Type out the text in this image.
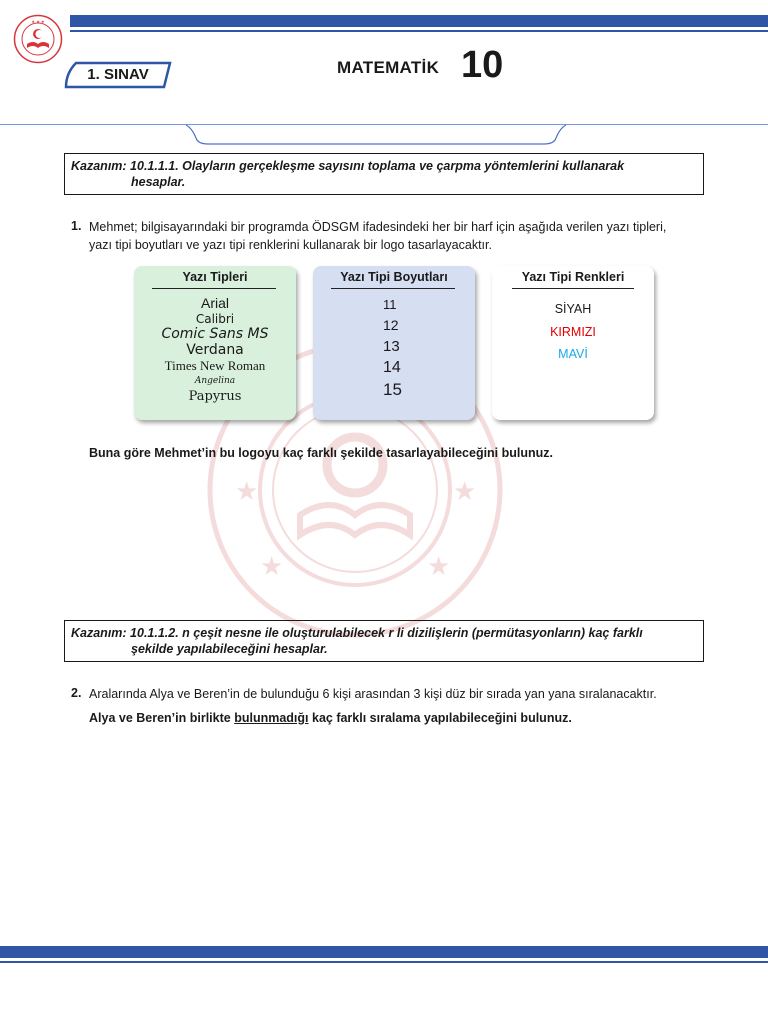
★ ★ ★
1. SINAV	MATEMATİK 10
★	★
★	★
Kazanım: 10.1.1.1. Olayların gerçekleşme sayısını toplama ve çarpma yöntemlerini kullanarak
hesaplar.
1. Mehmet; bilgisayarındaki bir programda ÖDSGM ifadesindeki her bir harf için aşağıda verilen yazı tipleri,
yazı tipi boyutları ve yazı tipi renklerini kullanarak bir logo tasarlayacaktır.
Yazı Tipleri
Arial
Calibri
Comic Sans MS
Verdana
Times New Roman
Angelina
Papyrus
Yazı Tipi Boyutları
11
12
13
14
15
Yazı Tipi Renkleri
SİYAH
KIRMIZI
MAVİ
Buna göre Mehmet’in bu logoyu kaç farklı şekilde tasarlayabileceğini bulunuz.
Kazanım: 10.1.1.2. n çeşit nesne ile oluşturulabilecek r li dizilişlerin (permütasyonların) kaç farklı
şekilde yapılabileceğini hesaplar.
2. Aralarında Alya ve Beren’in de bulunduğu 6 kişi arasından 3 kişi düz bir sırada yan yana sıralanacaktır.
Alya ve Beren’in birlikte bulunmadığı kaç farklı sıralama yapılabileceğini bulunuz.
